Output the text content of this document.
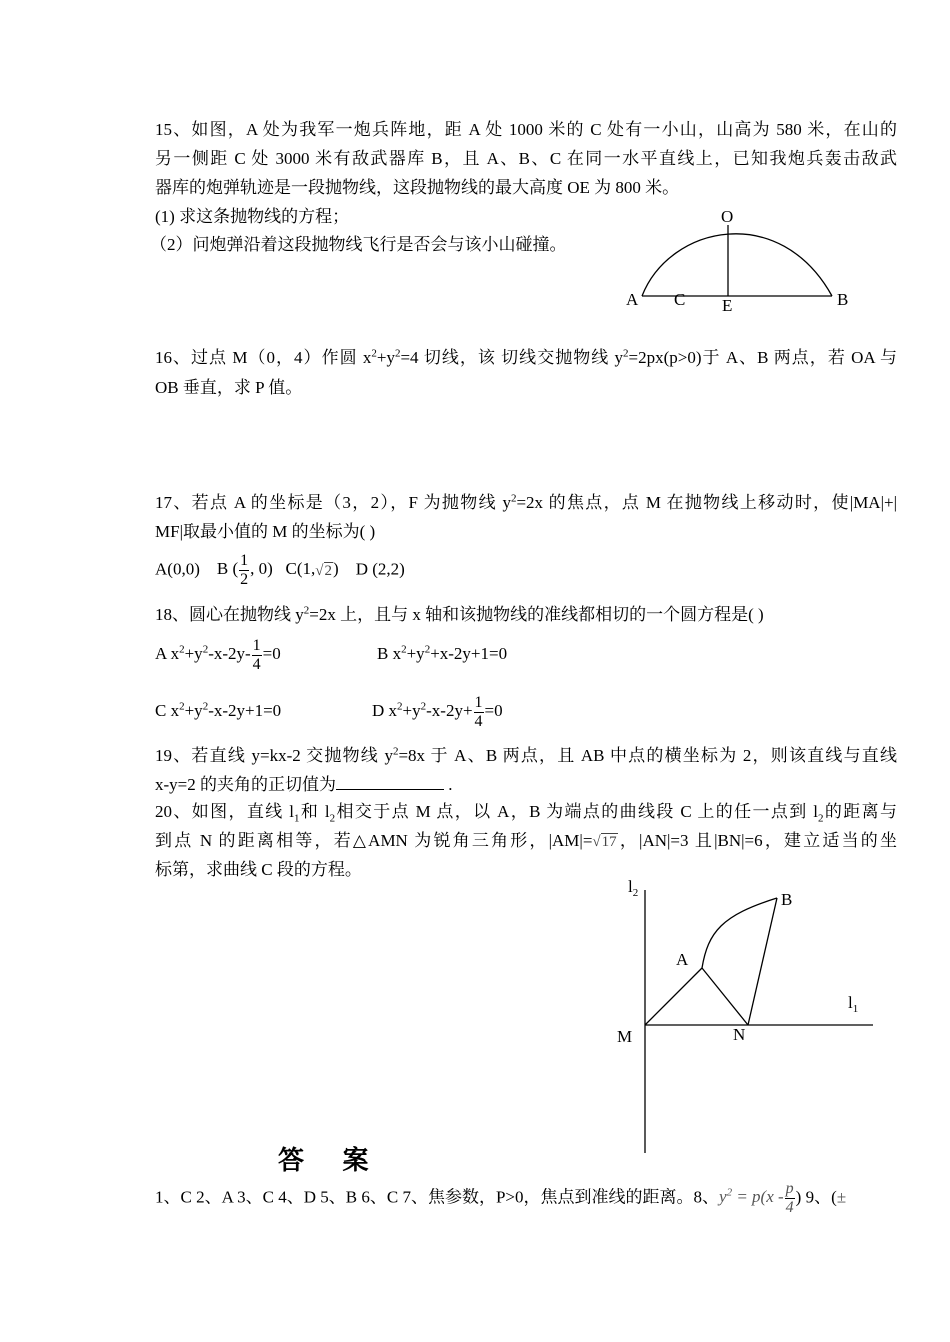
15、如图，A 处为我军一炮兵阵地，距 A 处 1000 米的 C 处有一小山，山高为 580 米，在山的
另一侧距 C 处 3000 米有敌武器库 B，且 A、B、C 在同一水平直线上，已知我炮兵轰击敌武
器库的炮弹轨迹是一段抛物线，这段抛物线的最大高度 OE 为 800 米。
(1) 求这条抛物线的方程；
（2）问炮弹沿着这段抛物线飞行是否会与该小山碰撞。
O
A C E	B
16、过点 M（0，4）作圆 $x^2+y^2=4$ 切线，该 切线交抛物线 $y^2=2px(p>0)$于 A、B 两点，若 OA 与
OB 垂直，求 P 值。
17、若点 A 的坐标是（3，2），F 为抛物线 $y^2=2x$ 的焦点，点 M 在抛物线上移动时，使|MA|+|
MF|取最小值的 M 的坐标为( )
A(0,0) B ( $\frac{1}{2}$ , 0) C(1,√2) D (2,2)
18、圆心在抛物线 $y^2=2x$ 上，且与 x 轴和该抛物线的准线都相切的一个圆方程是( )
A $x^2+y^2-x-2y- \frac{1}{4} =0$	B $x^2+y^2+x-2y+1=0$
C $x^2+y^2-x-2y+1=0$	D $x^2+y^2-x-2y+ \frac{1}{4} =0$
19、若直线 y=kx-2 交抛物线 $y^2=8x$ 于 A、B 两点，且 AB 中点的横坐标为 2，则该直线与直线
x-y=2 的夹角的正切值为	.
20、如图，直线 $l_1$和 $l_2$相交于点 M 点，以 A，B 为端点的曲线段 C 上的任一点到 $l_2$的距离与
到点 N 的距离相等，若△AMN 为锐角三角形，|AM|=√17，|AN|=3 且|BN|=6，建立适当的坐
标第，求曲线 C 段的方程。
$l_2$	B
A
$l_1$
M	N
答 案
1、C 2、A 3、C 4、D 5、B 6、C 7、焦参数，P>0，焦点到准线的距离。8、$y^2 = p(x - \frac{p}{4}$ ) 9、(±
